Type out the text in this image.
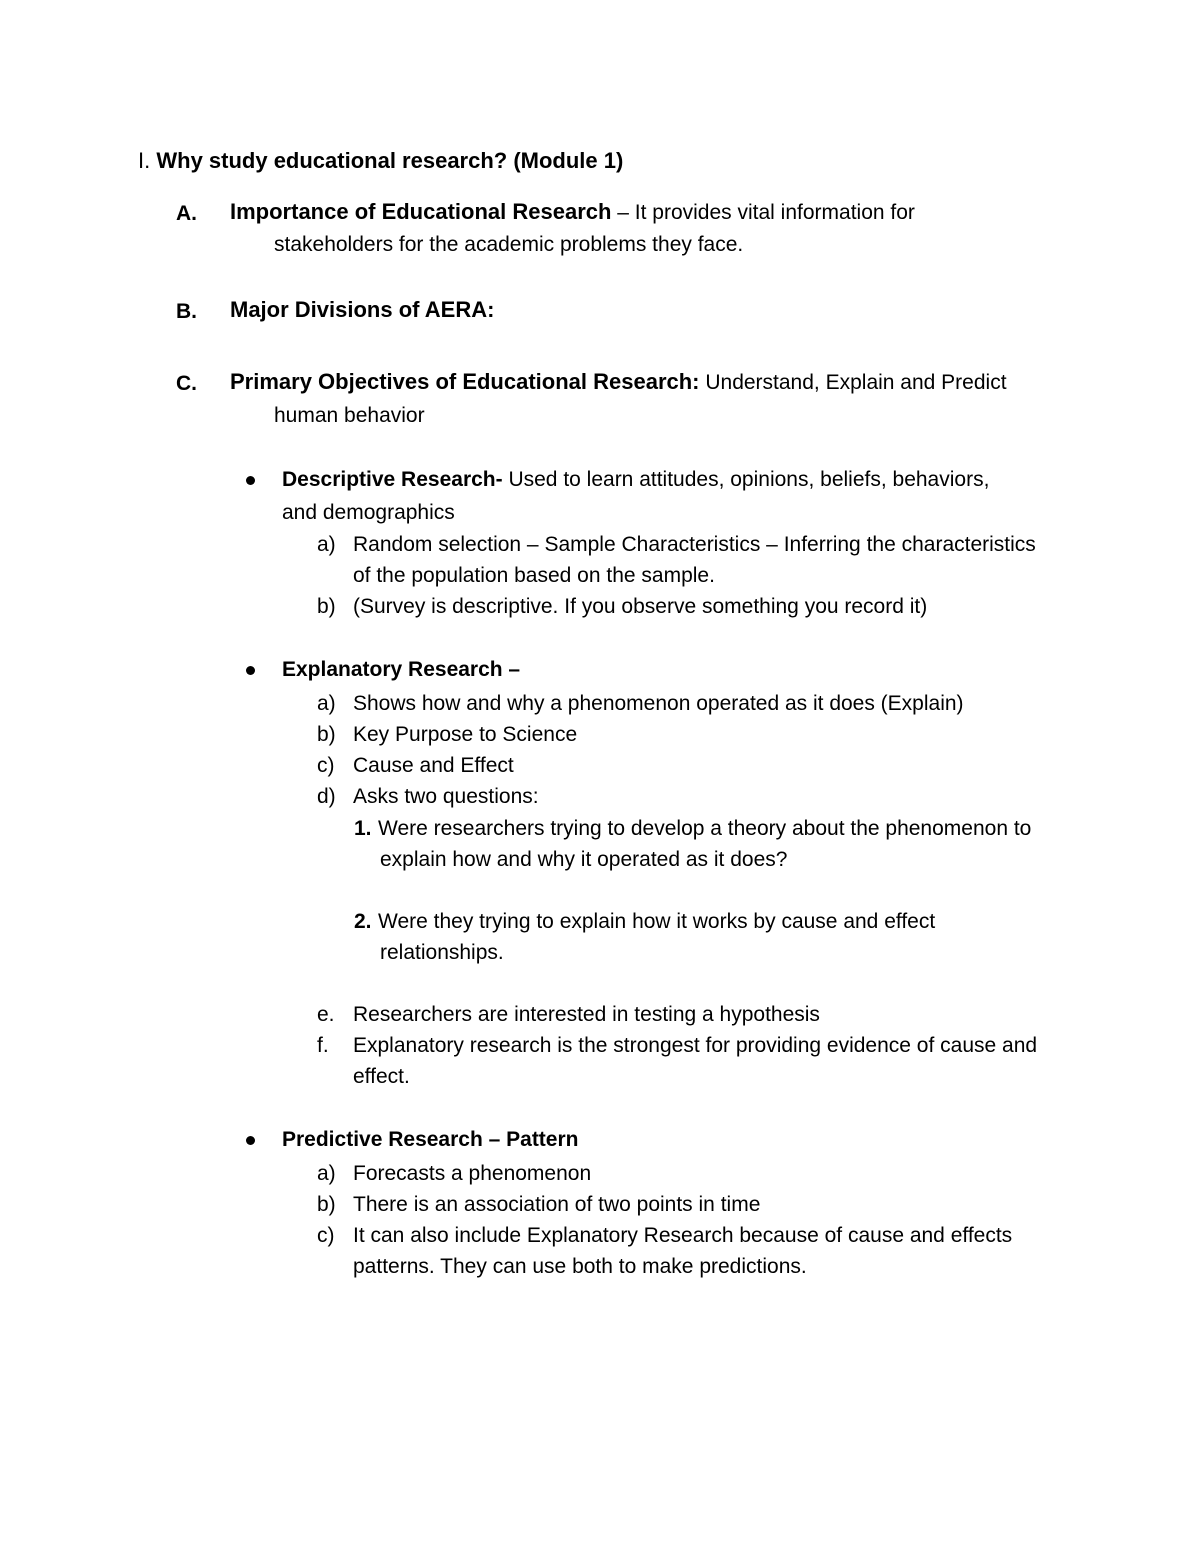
I. Why study educational research? (Module 1)
A. Importance of Educational Research – It provides vital information for
stakeholders for the academic problems they face.
B. Major Divisions of AERA:
C. Primary Objectives of Educational Research: Understand, Explain and Predict
human behavior
Descriptive Research- Used to learn attitudes, opinions, beliefs, behaviors,
and demographics
a) Random selection – Sample Characteristics – Inferring the characteristics
of the population based on the sample.
b) (Survey is descriptive. If you observe something you record it)
Explanatory Research –
a) Shows how and why a phenomenon operated as it does (Explain)
b) Key Purpose to Science
c) Cause and Effect
d) Asks two questions:
1. Were researchers trying to develop a theory about the phenomenon to
explain how and why it operated as it does?
2. Were they trying to explain how it works by cause and effect
relationships.
e. Researchers are interested in testing a hypothesis
f. Explanatory research is the strongest for providing evidence of cause and
effect.
Predictive Research – Pattern
a) Forecasts a phenomenon
b) There is an association of two points in time
c) It can also include Explanatory Research because of cause and effects
patterns. They can use both to make predictions.
